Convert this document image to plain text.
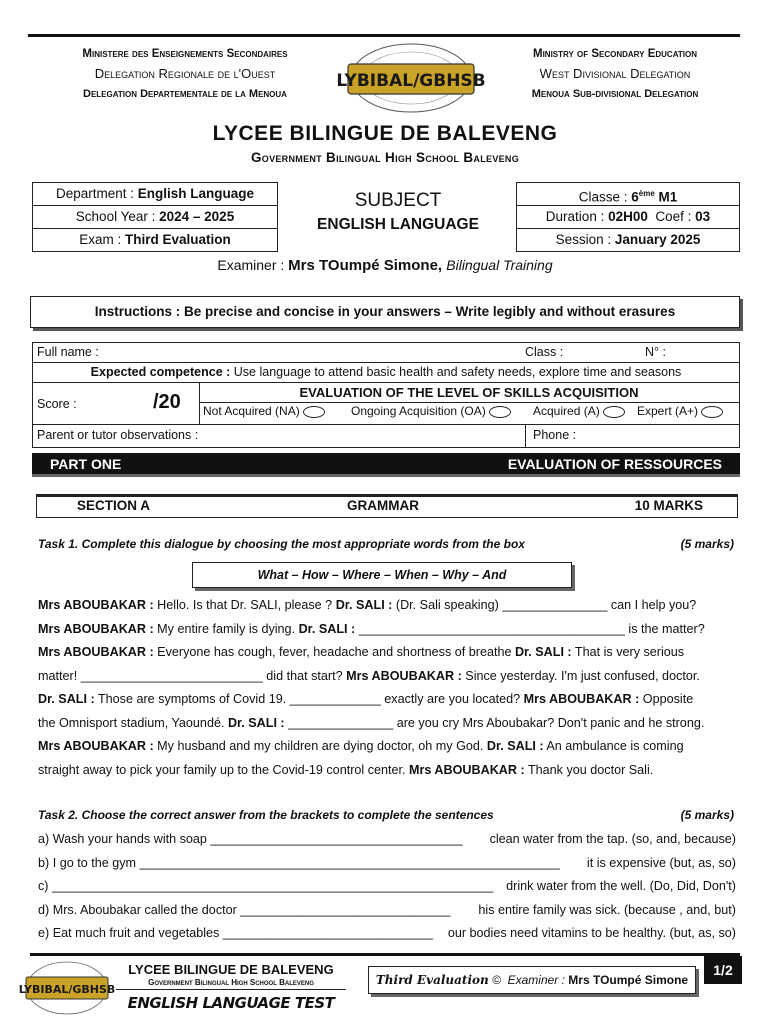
Ministere des Enseignements Secondaires
Delegation Regionale de l'Ouest
Delegation Departementale de la Menoua
LYBIBAL/GBHSB
Ministry of Secondary Education
West Divisional Delegation
Menoua Sub-divisional Delegation
LYCEE BILINGUE DE BALEVENG
Government Bilingual High School Baleveng
Department : English Language
School Year : 2024 – 2025
Exam : Third Evaluation
SUBJECT
ENGLISH LANGUAGE
Classe : 6ème M1
Duration : 02H00  Coef : 03
Session : January 2025
Examiner : Mrs TOumpé Simone, Bilingual Training
Instructions : Be precise and concise in your answers – Write legibly and without erasures
Full name :	Class :	N° :
Expected competence : Use language to attend basic health and safety needs, explore time and seasons
Score :	/20	EVALUATION OF THE LEVEL OF SKILLS ACQUISITION
Not Acquired (NA)	Ongoing Acquisition (OA)	Acquired (A)	Expert (A+)
Parent or tutor observations :	Phone :
PART ONE	EVALUATION OF RESSOURCES
SECTION A	GRAMMAR	10 MARKS
Task 1. Complete this dialogue by choosing the most appropriate words from the box	(5 marks)
What – How – Where – When – Why – And
Mrs ABOUBAKAR : Hello. Is that Dr. SALI, please ? Dr. SALI : (Dr. Sali speaking) _______________ can I help you?
Mrs ABOUBAKAR : My entire family is dying. Dr. SALI : ______________________________________ is the matter?
Mrs ABOUBAKAR : Everyone has cough, fever, headache and shortness of breathe Dr. SALI : That is very serious
matter! __________________________ did that start? Mrs ABOUBAKAR : Since yesterday. I'm just confused, doctor.
Dr. SALI : Those are symptoms of Covid 19. _____________ exactly are you located? Mrs ABOUBAKAR : Opposite
the Omnisport stadium, Yaoundé. Dr. SALI : _______________ are you cry Mrs Aboubakar? Don't panic and he strong.
Mrs ABOUBAKAR : My husband and my children are dying doctor, oh my God. Dr. SALI : An ambulance is coming
straight away to pick your family up to the Covid-19 control center. Mrs ABOUBAKAR : Thank you doctor Sali.
Task 2. Choose the correct answer from the brackets to complete the sentences	(5 marks)
a) Wash your hands with soap ____________________________________ clean water from the tap. (so, and, because)
b) I go to the gym ____________________________________________________________ it is expensive (but, as, so)
c) _______________________________________________________________ drink water from the well. (Do, Did, Don't)
d) Mrs. Aboubakar called the doctor ______________________________ his entire family was sick. (because , and, but)
e) Eat much fruit and vegetables ______________________________ our bodies need vitamins to be healthy. (but, as, so)
LYBIBAL/GBHSB
LYCEE BILINGUE DE BALEVENG
Government Bilingual High School Baleveng
ENGLISH LANGUAGE TEST
Third Evaluation ©  Examiner : Mrs TOumpé Simone
1/2
